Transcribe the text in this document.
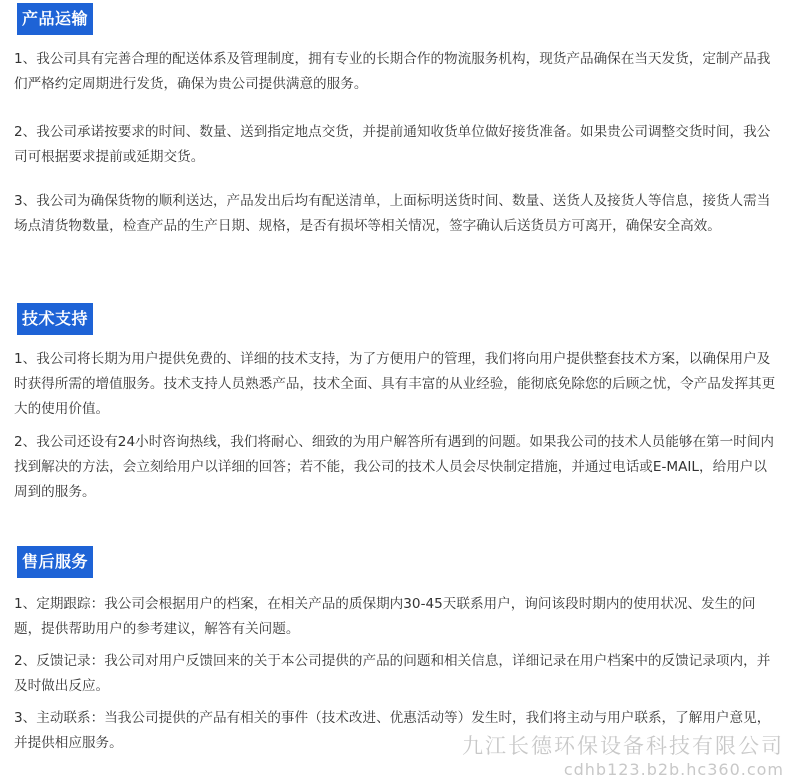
产品运输

1、我公司具有完善合理的配送体系及管理制度，拥有专业的长期合作的物流服务机构，现货产品确保在当天发货，定制产品我们严格约定周期进行发货，确保为贵公司提供满意的服务。

2、我公司承诺按要求的时间、数量、送到指定地点交货，并提前通知收货单位做好接货准备。如果贵公司调整交货时间，我公司可根据要求提前或延期交货。

3、我公司为确保货物的顺利送达，产品发出后均有配送清单，上面标明送货时间、数量、送货人及接货人等信息，接货人需当场点清货物数量，检查产品的生产日期、规格，是否有损坏等相关情况，签字确认后送货员方可离开，确保安全高效。

技术支持

1、我公司将长期为用户提供免费的、详细的技术支持，为了方便用户的管理，我们将向用户提供整套技术方案，以确保用户及时获得所需的增值服务。技术支持人员熟悉产品，技术全面、具有丰富的从业经验，能彻底免除您的后顾之忧，令产品发挥其更大的使用价值。

2、我公司还设有24小时咨询热线，我们将耐心、细致的为用户解答所有遇到的问题。如果我公司的技术人员能够在第一时间内找到解决的方法，会立刻给用户以详细的回答；若不能，我公司的技术人员会尽快制定措施，并通过电话或E-MAIL，给用户以周到的服务。

售后服务

1、定期跟踪：我公司会根据用户的档案，在相关产品的质保期内30-45天联系用户，询问该段时期内的使用状况、发生的问题，提供帮助用户的参考建议，解答有关问题。

2、反馈记录：我公司对用户反馈回来的关于本公司提供的产品的问题和相关信息，详细记录在用户档案中的反馈记录项内，并及时做出反应。

3、主动联系：当我公司提供的产品有相关的事件（技术改进、优惠活动等）发生时，我们将主动与用户联系，了解用户意见，并提供相应服务。	九江长德环保设备科技有限公司
cdhb123.b2b.hc360.com
